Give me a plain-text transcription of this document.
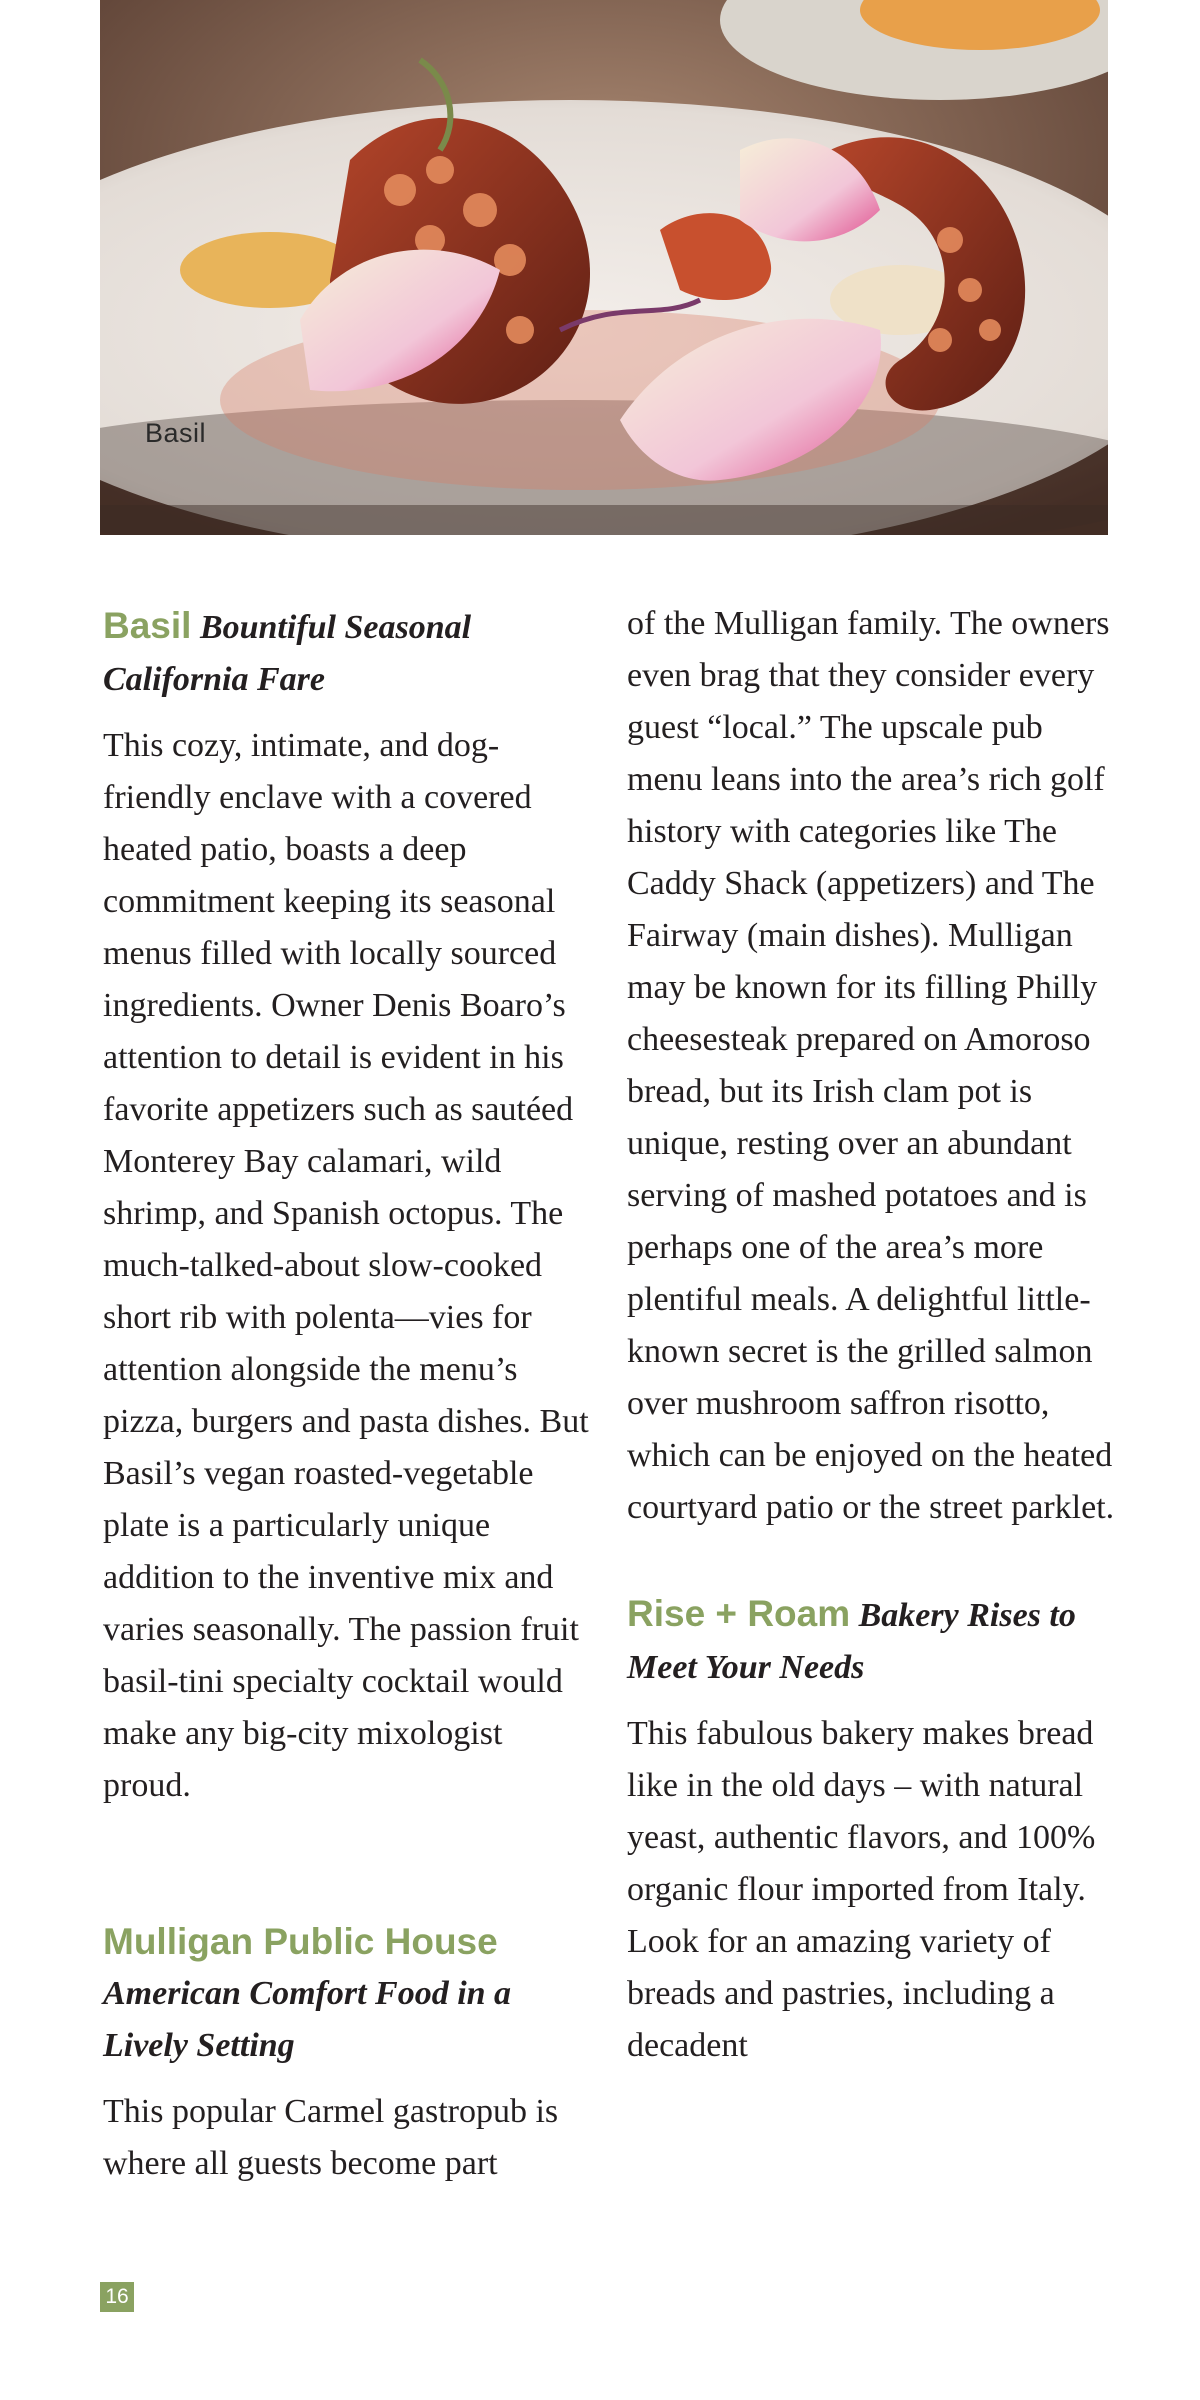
Basil
Basil Bountiful Seasonal California Fare

This cozy, intimate, and dog-friendly enclave with a covered heated patio, boasts a deep commitment keeping its seasonal menus filled with locally sourced ingredients. Owner Denis Boaro’s attention to detail is evident in his favorite appetizers such as sautéed Monterey Bay calamari, wild shrimp, and Spanish octopus. The much-talked-about slow-cooked short rib with polenta—vies for attention alongside the menu’s pizza, burgers and pasta dishes. But Basil’s vegan roasted-vegetable plate is a particularly unique addition to the inventive mix and varies seasonally. The passion fruit basil-tini specialty cocktail would make any big-city mixologist proud.

Mulligan Public House
American Comfort Food in a Lively Setting

This popular Carmel gastropub is where all guests become part

of the Mulligan family. The owners even brag that they consider every guest “local.” The upscale pub menu leans into the area’s rich golf history with categories like The Caddy Shack (appetizers) and The Fairway (main dishes). Mulligan may be known for its filling Philly cheesesteak prepared on Amoroso bread, but its Irish clam pot is unique, resting over an abundant serving of mashed potatoes and is perhaps one of the area’s more plentiful meals. A delightful little-known secret is the grilled salmon over mushroom saffron risotto, which can be enjoyed on the heated courtyard patio or the street parklet.

Rise + Roam Bakery Rises to Meet Your Needs

This fabulous bakery makes bread like in the old days – with natural yeast, authentic flavors, and 100% organic flour imported from Italy. Look for an amazing variety of breads and pastries, including a decadent

16
